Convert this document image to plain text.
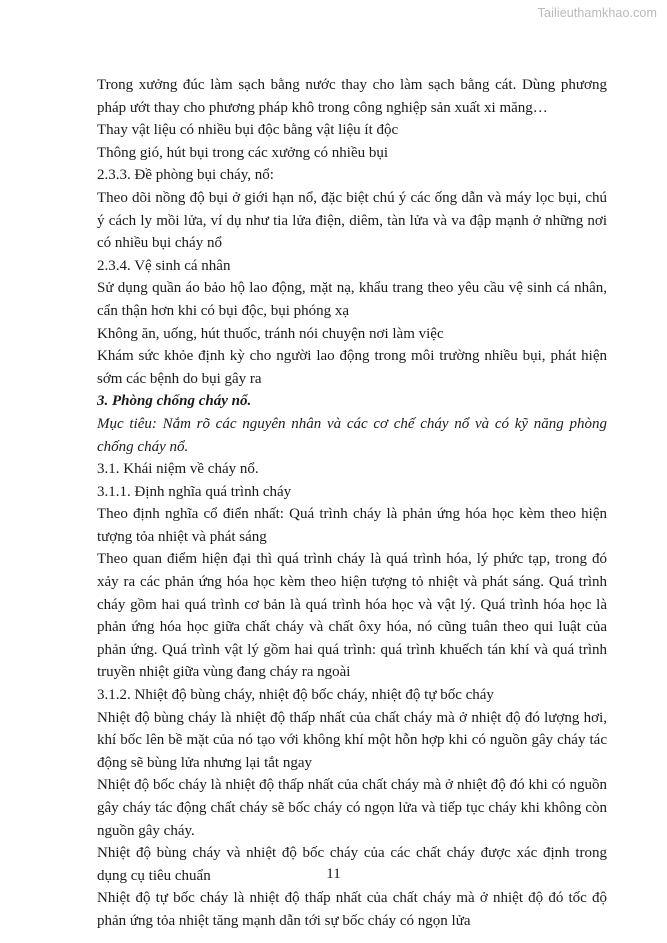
Tailieuthamkhao.com

Trong xưởng đúc làm sạch bằng nước thay cho làm sạch bằng cát. Dùng phương pháp ướt thay cho phương pháp khô trong công nghiệp sản xuất xi măng…

Thay vật liệu có nhiều bụi độc bằng vật liệu ít độc

Thông gió, hút bụi trong các xưởng có nhiều bụi

2.3.3. Đề phòng bụi cháy, nổ:

Theo dõi nồng độ bụi ở giới hạn nổ, đặc biệt chú ý các ống dẫn và máy lọc bụi, chú ý cách ly mồi lửa, ví dụ như tia lửa điện, diêm, tàn lửa và va đập mạnh ở những nơi có nhiều bụi cháy nổ

2.3.4. Vệ sinh cá nhân

Sử dụng quần áo bảo hộ lao động, mặt nạ, khẩu trang theo yêu cầu vệ sinh cá nhân, cẩn thận hơn khi có bụi độc, bụi phóng xạ

Không ăn, uống, hút thuốc, tránh nói chuyện nơi làm việc

Khám sức khỏe định kỳ cho người lao động trong môi trường nhiều bụi, phát hiện sớm các bệnh do bụi gây ra

3. Phòng chống cháy nổ.

Mục tiêu: Nắm rõ các nguyên nhân và các cơ chế cháy nổ và có kỹ năng phòng chống cháy nổ.

3.1. Khái niệm về cháy nổ.

3.1.1. Định nghĩa quá trình cháy

Theo định nghĩa cổ điển nhất: Quá trình cháy là phản ứng hóa học kèm theo hiện tượng tỏa nhiệt và phát sáng

Theo quan điểm hiện đại thì quá trình cháy là quá trình hóa, lý phức tạp, trong đó xảy ra các phản ứng hóa học kèm theo hiện tượng tỏ nhiệt và phát sáng. Quá trình cháy gồm hai quá trình cơ bản là quá trình hóa học và vật lý. Quá trình hóa học là phản ứng hóa học giữa chất cháy và chất ôxy hóa, nó cũng tuân theo qui luật của phản ứng. Quá trình vật lý gồm hai quá trình: quá trình khuếch tán khí và quá trình truyền nhiệt giữa vùng đang cháy ra ngoài

3.1.2. Nhiệt độ bùng cháy, nhiệt độ bốc cháy, nhiệt độ tự bốc cháy

Nhiệt độ bùng cháy là nhiệt độ thấp nhất của chất cháy mà ở nhiệt độ đó lượng hơi, khí bốc lên bề mặt của nó tạo với không khí một hỗn hợp khi có nguồn gây cháy tác động sẽ bùng lửa nhưng lại tắt ngay

Nhiệt độ bốc cháy là nhiệt độ thấp nhất của chất cháy mà ở nhiệt độ đó khi có nguồn gây cháy tác động chất cháy sẽ bốc cháy có ngọn lửa và tiếp tục cháy khi không còn nguồn gây cháy.

Nhiệt độ bùng cháy và nhiệt độ bốc cháy của các chất cháy được xác định trong dụng cụ tiêu chuẩn

Nhiệt độ tự bốc cháy là nhiệt độ thấp nhất của chất cháy mà ở nhiệt độ đó tốc độ phản ứng tỏa nhiệt tăng mạnh dẫn tới sự bốc cháy có ngọn lửa

11
